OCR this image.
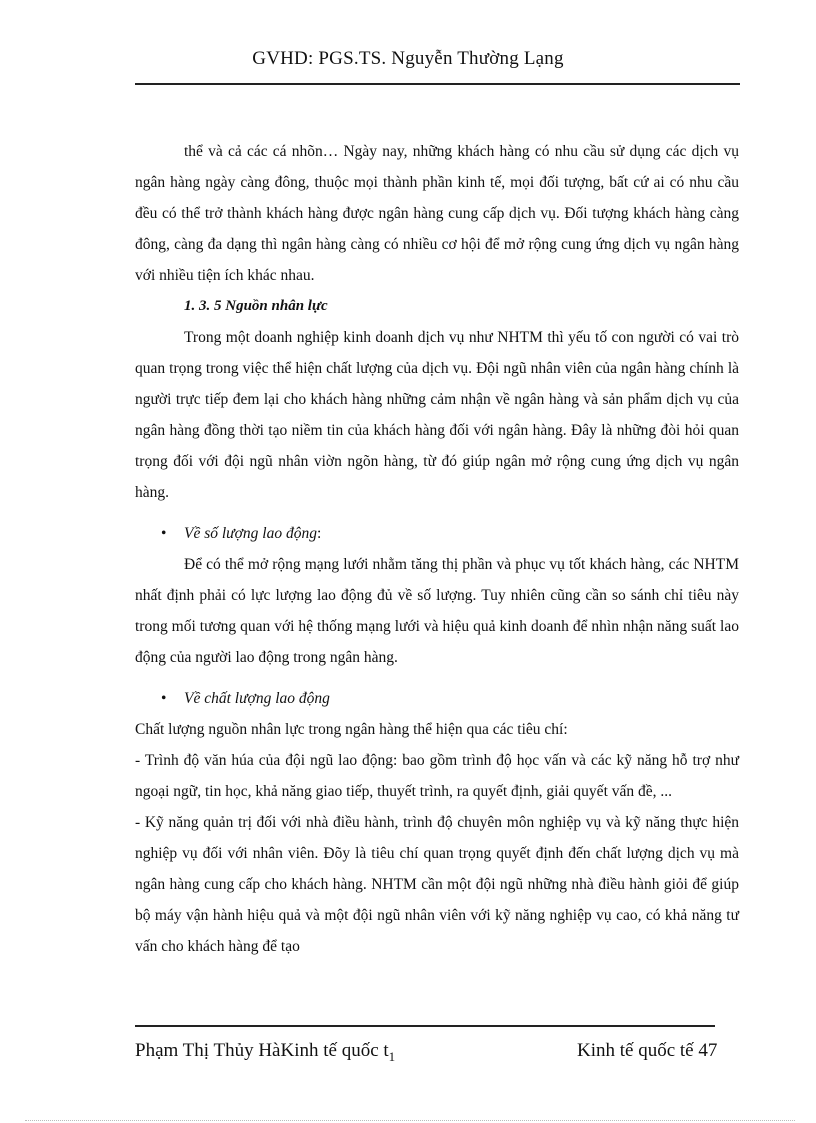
GVHD: PGS.TS. Nguyễn Thường Lạng

thể và cả các cá nhõn… Ngày nay, những khách hàng có nhu cầu sử dụng các dịch vụ ngân hàng ngày càng đông, thuộc mọi thành phần kinh tế, mọi đối tượng, bất cứ ai có nhu cầu đều có thể trở thành khách hàng được ngân hàng cung cấp dịch vụ. Đối tượng khách hàng càng đông, càng đa dạng thì ngân hàng càng có nhiều cơ hội để mở rộng cung ứng dịch vụ ngân hàng với nhiều tiện ích khác nhau.

1. 3. 5 Nguồn nhân lực

Trong một doanh nghiệp kinh doanh dịch vụ như NHTM thì yếu tố con người có vai trò quan trọng trong việc thể hiện chất lượng của dịch vụ. Đội ngũ nhân viên của ngân hàng chính là người trực tiếp đem lại cho khách hàng những cảm nhận về ngân hàng và sản phẩm dịch vụ của ngân hàng đồng thời tạo niềm tin của khách hàng đối với ngân hàng. Đây là những đòi hỏi quan trọng đối với đội ngũ nhân viờn ngõn hàng, từ đó giúp ngân mở rộng cung ứng dịch vụ ngân hàng.

• Về số lượng lao động:

Để có thể mở rộng mạng lưới nhằm tăng thị phần và phục vụ tốt khách hàng, các NHTM nhất định phải có lực lượng lao động đủ về số lượng. Tuy nhiên cũng cần so sánh chỉ tiêu này trong mối tương quan với hệ thống mạng lưới và hiệu quả kinh doanh để nhìn nhận năng suất lao động của người lao động trong ngân hàng.

• Về chất lượng lao động

Chất lượng nguồn nhân lực trong ngân hàng thể hiện qua các tiêu chí:

- Trình độ văn húa của đội ngũ lao động: bao gồm trình độ học vấn và các kỹ năng hỗ trợ như ngoại ngữ, tin học, khả năng giao tiếp, thuyết trình, ra quyết định, giải quyết vấn đề, ...

- Kỹ năng quản trị đối với nhà điều hành, trình độ chuyên môn nghiệp vụ và kỹ năng thực hiện nghiệp vụ đối với nhân viên. Đõy là tiêu chí quan trọng quyết định đến chất lượng dịch vụ mà ngân hàng cung cấp cho khách hàng. NHTM cần một đội ngũ những nhà điều hành giỏi để giúp bộ máy vận hành hiệu quả và một đội ngũ nhân viên với kỹ năng nghiệp vụ cao, có khả năng tư vấn cho khách hàng để tạo

Phạm Thị Thủy HàKinh tế quốc $t_1$	Kinh tế quốc tế 47
